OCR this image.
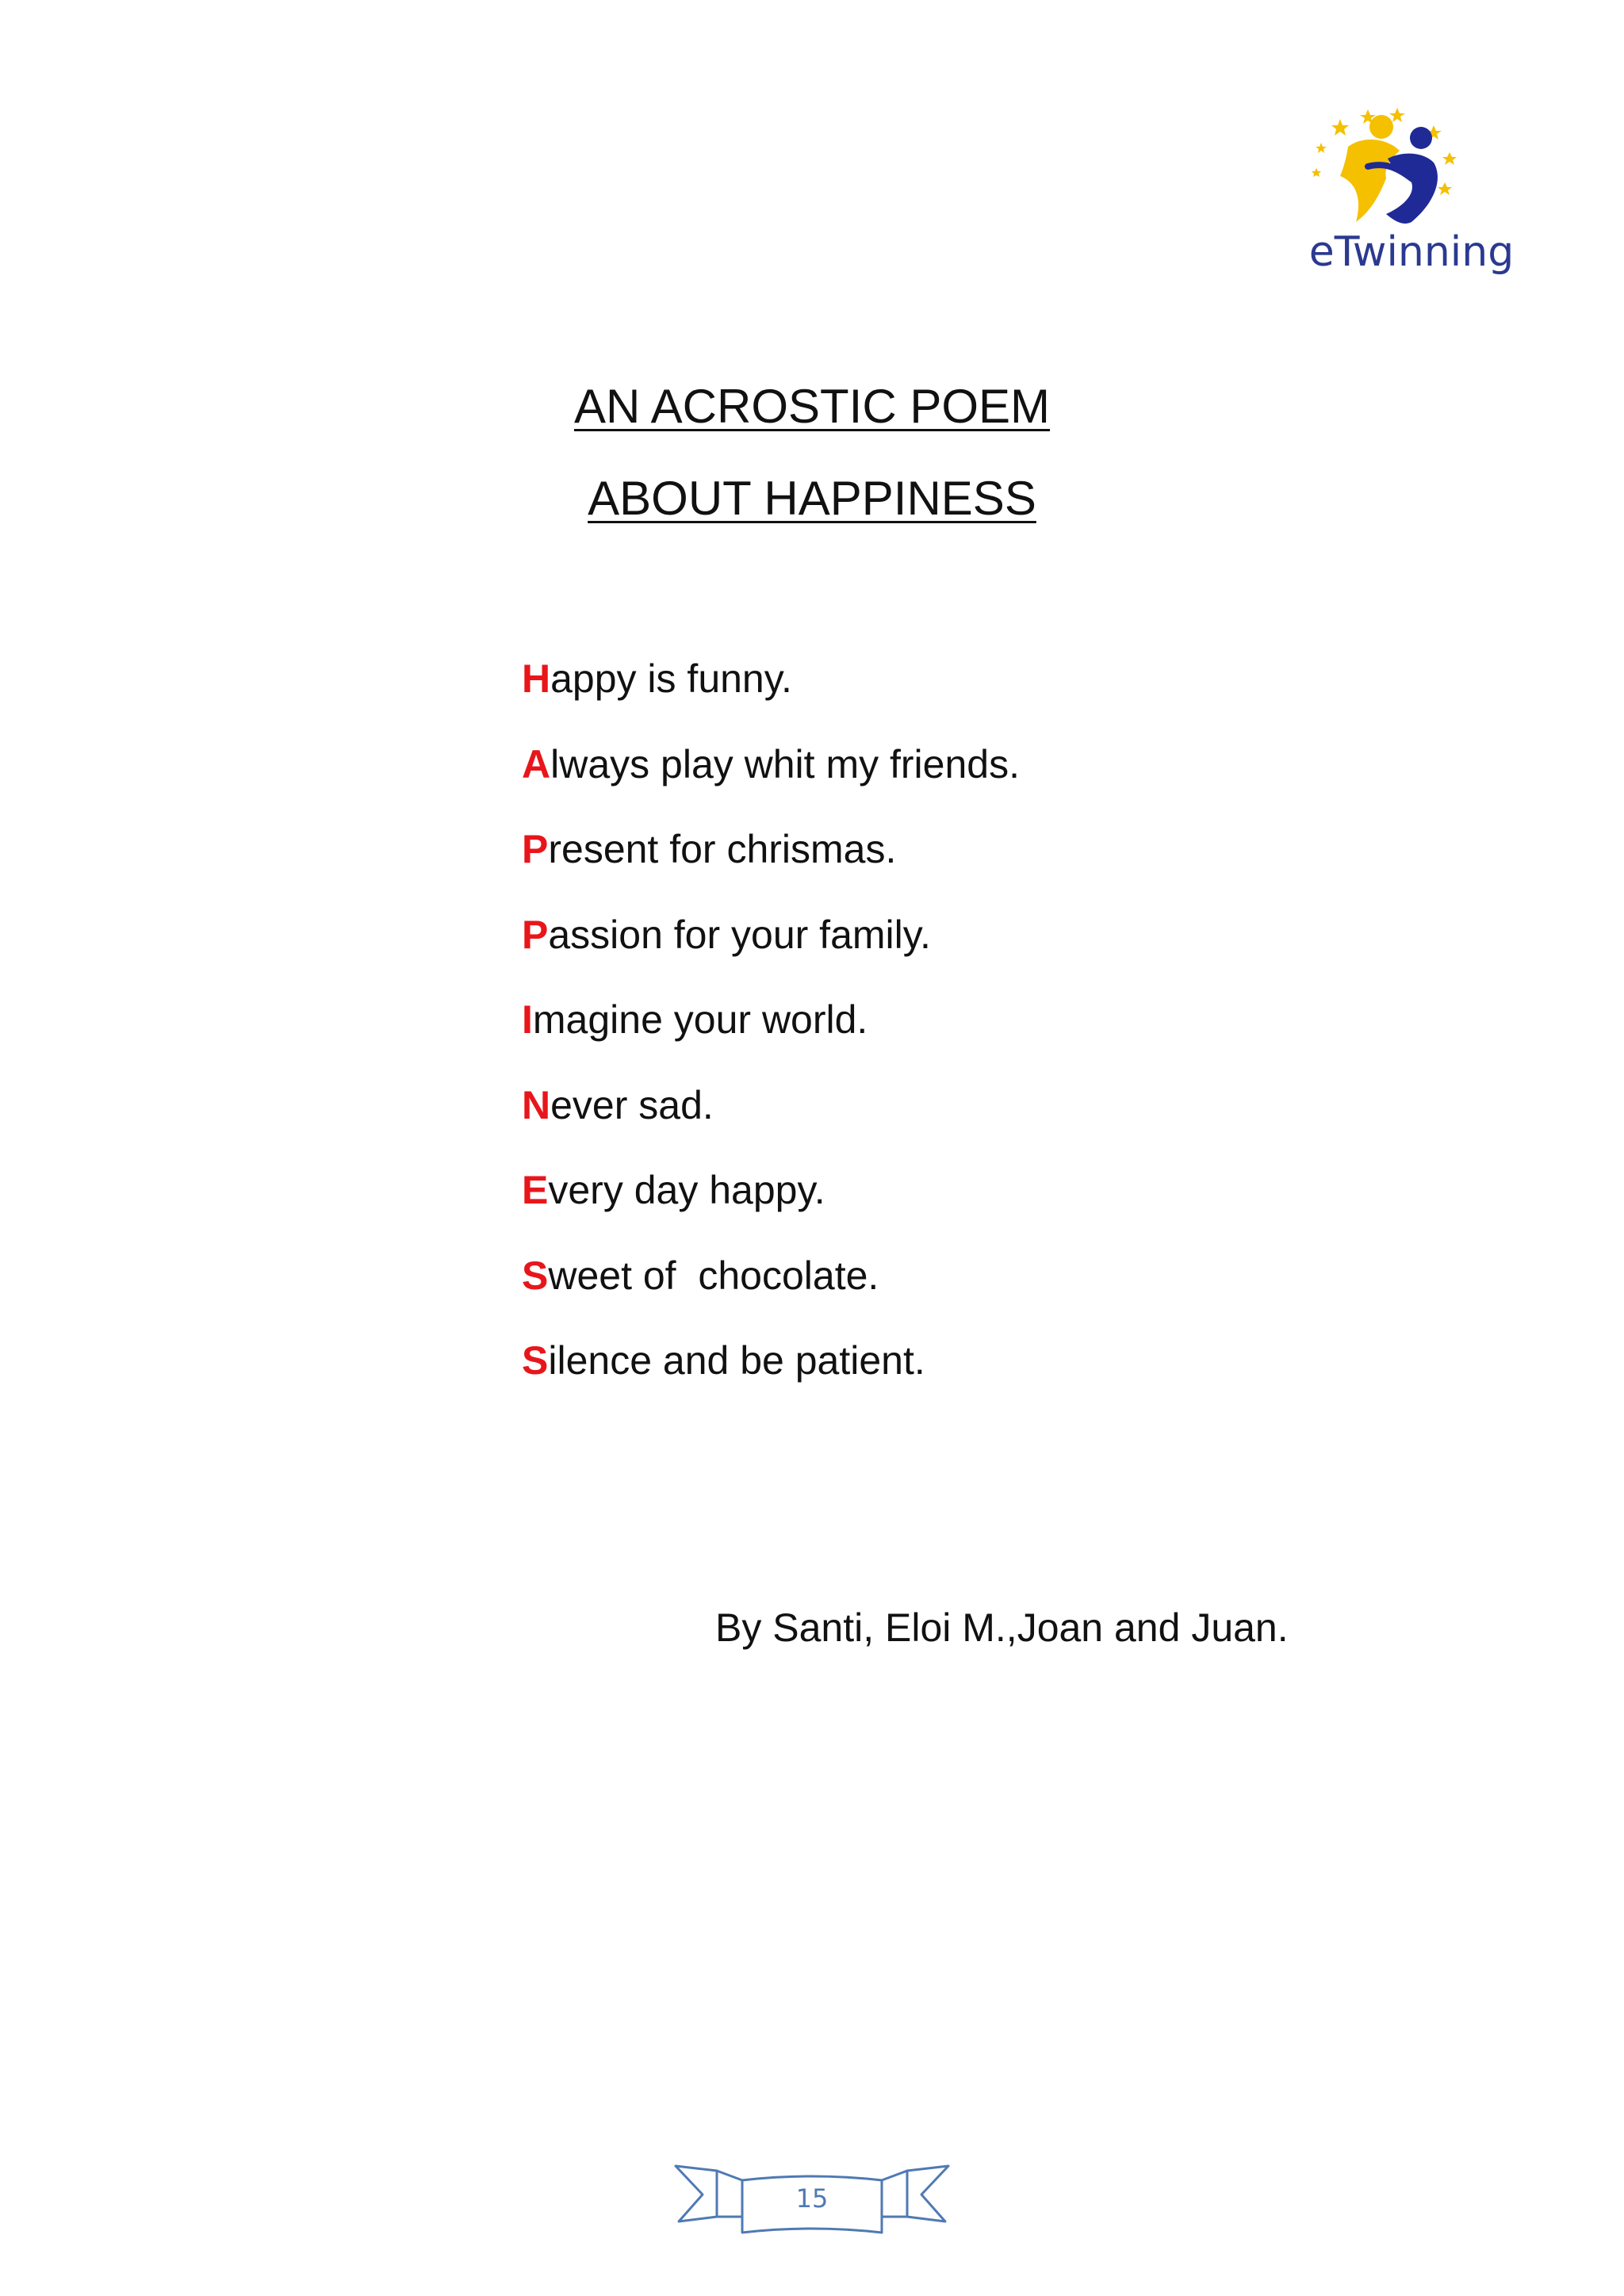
eTwinning
AN ACROSTIC POEM
ABOUT HAPPINESS
Happy is funny.
Always play whit my friends.
Present for chrismas.
Passion for your family.
Imagine your world.
Never sad.
Every day happy.
Sweet of  chocolate.
Silence and be patient.
By Santi, Eloi M.,Joan and Juan.
15
